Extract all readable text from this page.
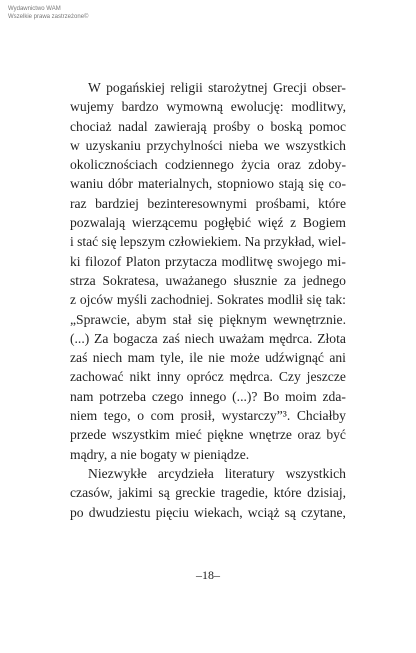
Wydawnictwo WAM
Wszelkie prawa zastrzeżone©
W pogańskiej religii starożytnej Grecji obser-
wujemy bardzo wymowną ewolucję: modlitwy,
chociaż nadal zawierają prośby o boską pomoc
w uzyskaniu przychylności nieba we wszystkich
okolicznościach codziennego życia oraz zdoby-
waniu dóbr materialnych, stopniowo stają się co-
raz bardziej bezinteresownymi prośbami, które
pozwalają wierzącemu pogłębić więź z Bogiem
i stać się lepszym człowiekiem. Na przykład, wiel-
ki filozof Platon przytacza modlitwę swojego mi-
strza Sokratesa, uważanego słusznie za jednego
z ojców myśli zachodniej. Sokrates modlił się tak:
„Sprawcie, abym stał się pięknym wewnętrznie.
(...) Za bogacza zaś niech uważam mędrca. Złota
zaś niech mam tyle, ile nie może udźwignąć ani
zachować nikt inny oprócz mędrca. Czy jeszcze
nam potrzeba czego innego (...)? Bo moim zda-
niem tego, o com prosił, wystarczy”³. Chciałby
przede wszystkim mieć piękne wnętrze oraz być
mądry, a nie bogaty w pieniądze.
Niezwykłe arcydzieła literatury wszystkich
czasów, jakimi są greckie tragedie, które dzisiaj,
po dwudziestu pięciu wiekach, wciąż są czytane,
–18–
